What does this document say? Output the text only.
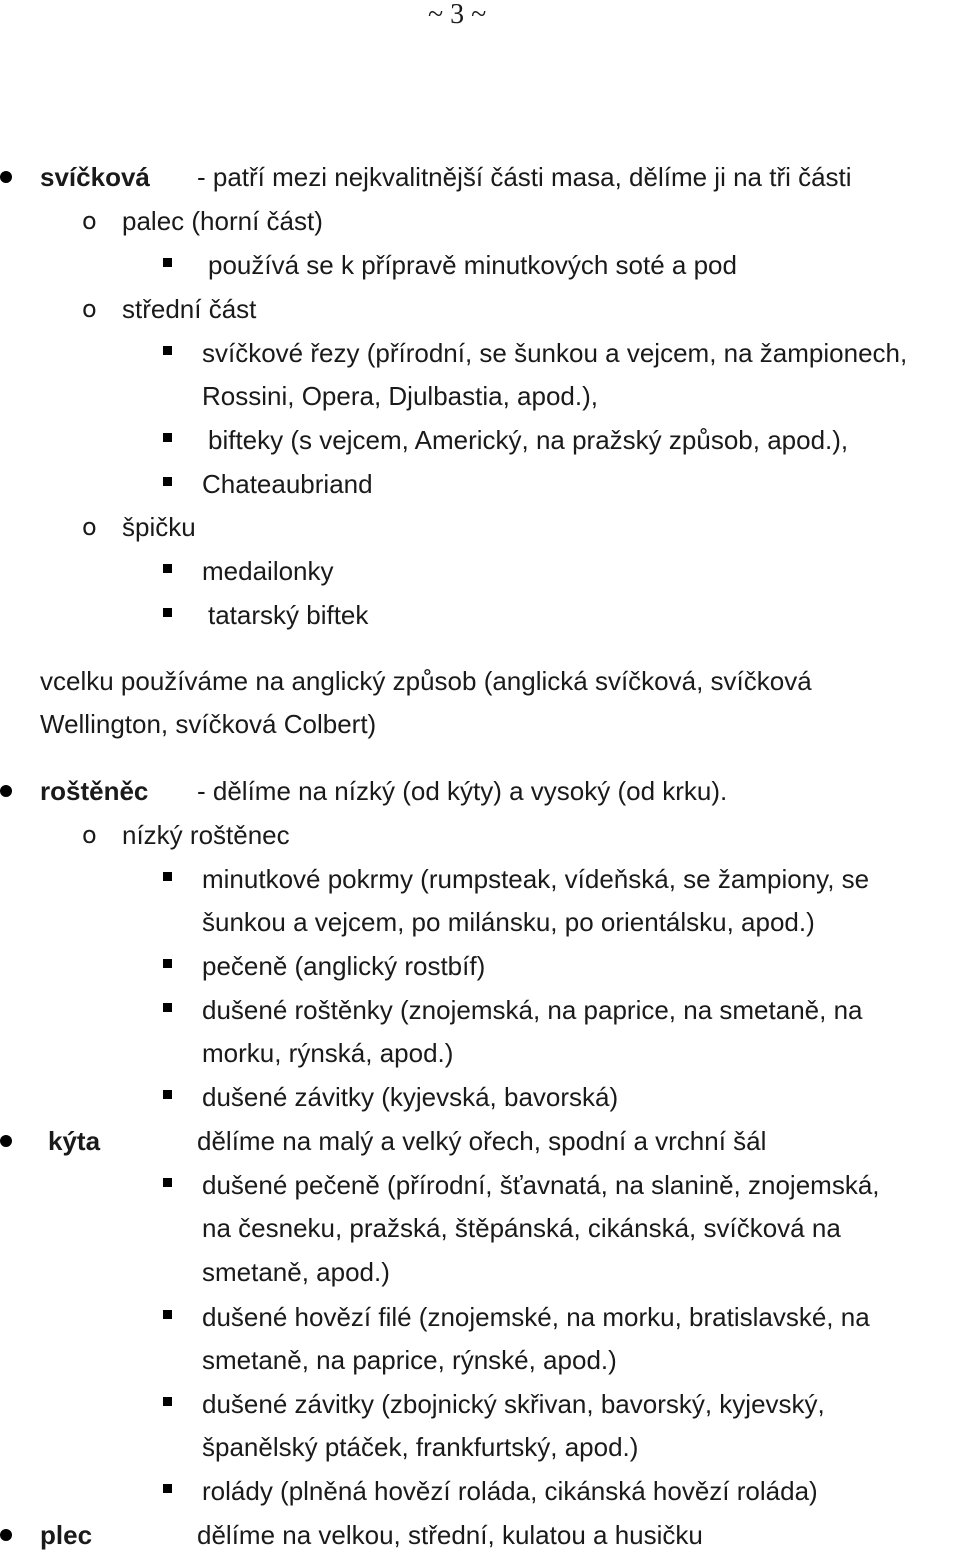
~ 3 ~
svíčková - patří mezi nejkvalitnější části masa, dělíme ji na tři části
o palec (horní část)
používá se k přípravě minutkových soté a pod
o střední část
svíčkové řezy (přírodní, se šunkou a vejcem, na žampionech,
Rossini, Opera, Djulbastia, apod.),
bifteky (s vejcem, Americký, na pražský způsob, apod.),
Chateaubriand
o špičku
medailonky
tatarský biftek
vcelku používáme na anglický způsob (anglická svíčková, svíčková
Wellington, svíčková Colbert)
roštěněc - dělíme na nízký (od kýty) a vysoký (od krku).
o nízký roštěnec
minutkové pokrmy (rumpsteak, vídeňská, se žampiony, se
šunkou a vejcem, po milánsku, po orientálsku, apod.)
pečeně (anglický rostbíf)
dušené roštěnky (znojemská, na paprice, na smetaně, na
morku, rýnská, apod.)
dušené závitky (kyjevská, bavorská)
kýta	dělíme na malý a velký ořech, spodní a vrchní šál
dušené pečeně (přírodní, šťavnatá, na slanině, znojemská,
na česneku, pražská, štěpánská, cikánská, svíčková na
smetaně, apod.)
dušené hovězí filé (znojemské, na morku, bratislavské, na
smetaně, na paprice, rýnské, apod.)
dušené závitky (zbojnický skřivan, bavorský, kyjevský,
španělský ptáček, frankfurtský, apod.)
rolády (plněná hovězí roláda, cikánská hovězí roláda)
plec	dělíme na velkou, střední, kulatou a husičku
